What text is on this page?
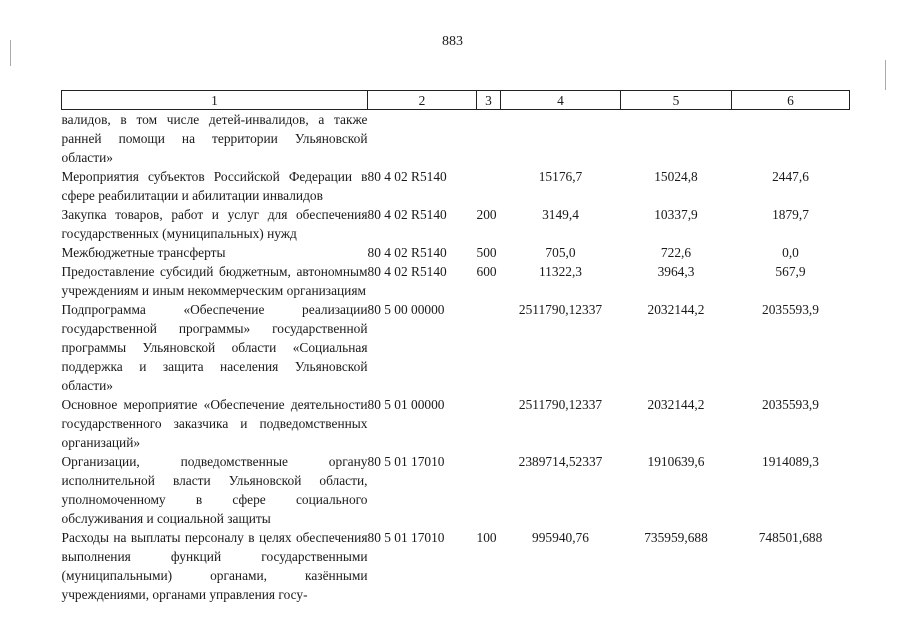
883
1	2	3	4	5	6
валидов, в том числе детей-инвалидов, а также ранней помощи на территории Ульяновской области»					
Мероприятия субъектов Российской Федерации в сфере реабилитации и абилитации инвалидов	80 4 02 R5140		15176,7	15024,8	2447,6
Закупка товаров, работ и услуг для обеспечения государственных (муниципальных) нужд	80 4 02 R5140	200	3149,4	10337,9	1879,7
Межбюджетные трансферты	80 4 02 R5140	500	705,0	722,6	0,0
Предоставление субсидий бюджетным, автономным учреждениям и иным некоммерческим организациям	80 4 02 R5140	600	11322,3	3964,3	567,9
Подпрограмма «Обеспечение реализации государственной программы» государственной программы Ульяновской области «Социальная поддержка и защита населения Ульяновской области»	80 5 00 00000		2511790,12337	2032144,2	2035593,9
Основное мероприятие «Обеспечение деятельности государственного заказчика и подведомственных организаций»	80 5 01 00000		2511790,12337	2032144,2	2035593,9
Организации, подведомственные органу исполнительной власти Ульяновской области, уполномоченному в сфере социального обслуживания и социальной защиты	80 5 01 17010		2389714,52337	1910639,6	1914089,3
Расходы на выплаты персоналу в целях обеспечения выполнения функций государственными (муниципальными) органами, казёнными учреждениями, органами управления госу-	80 5 01 17010	100	995940,76	735959,688	748501,688
